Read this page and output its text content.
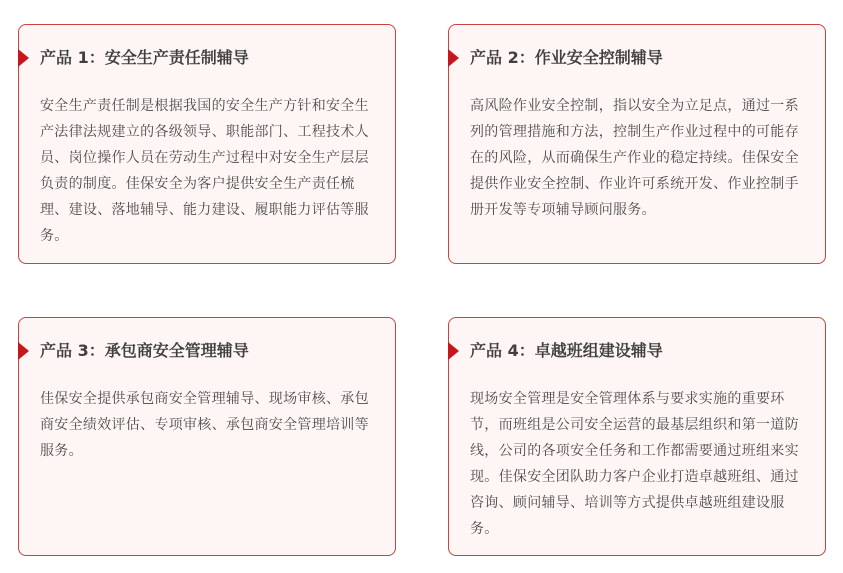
产品 1：安全生产责任制辅导

安全生产责任制是根据我国的安全生产方针和安全生产法律法规建立的各级领导、职能部门、工程技术人员、岗位操作人员在劳动生产过程中对安全生产层层负责的制度。佳保安全为客户提供安全生产责任梳理、建设、落地辅导、能力建设、履职能力评估等服务。

产品 2：作业安全控制辅导

高风险作业安全控制，指以安全为立足点，通过一系列的管理措施和方法，控制生产作业过程中的可能存在的风险，从而确保生产作业的稳定持续。佳保安全提供作业安全控制、作业许可系统开发、作业控制手册开发等专项辅导顾问服务。

产品 3：承包商安全管理辅导

佳保安全提供承包商安全管理辅导、现场审核、承包商安全绩效评估、专项审核、承包商安全管理培训等服务。

产品 4：卓越班组建设辅导

现场安全管理是安全管理体系与要求实施的重要环节，而班组是公司安全运营的最基层组织和第一道防线，公司的各项安全任务和工作都需要通过班组来实现。佳保安全团队助力客户企业打造卓越班组、通过咨询、顾问辅导、培训等方式提供卓越班组建设服务。
